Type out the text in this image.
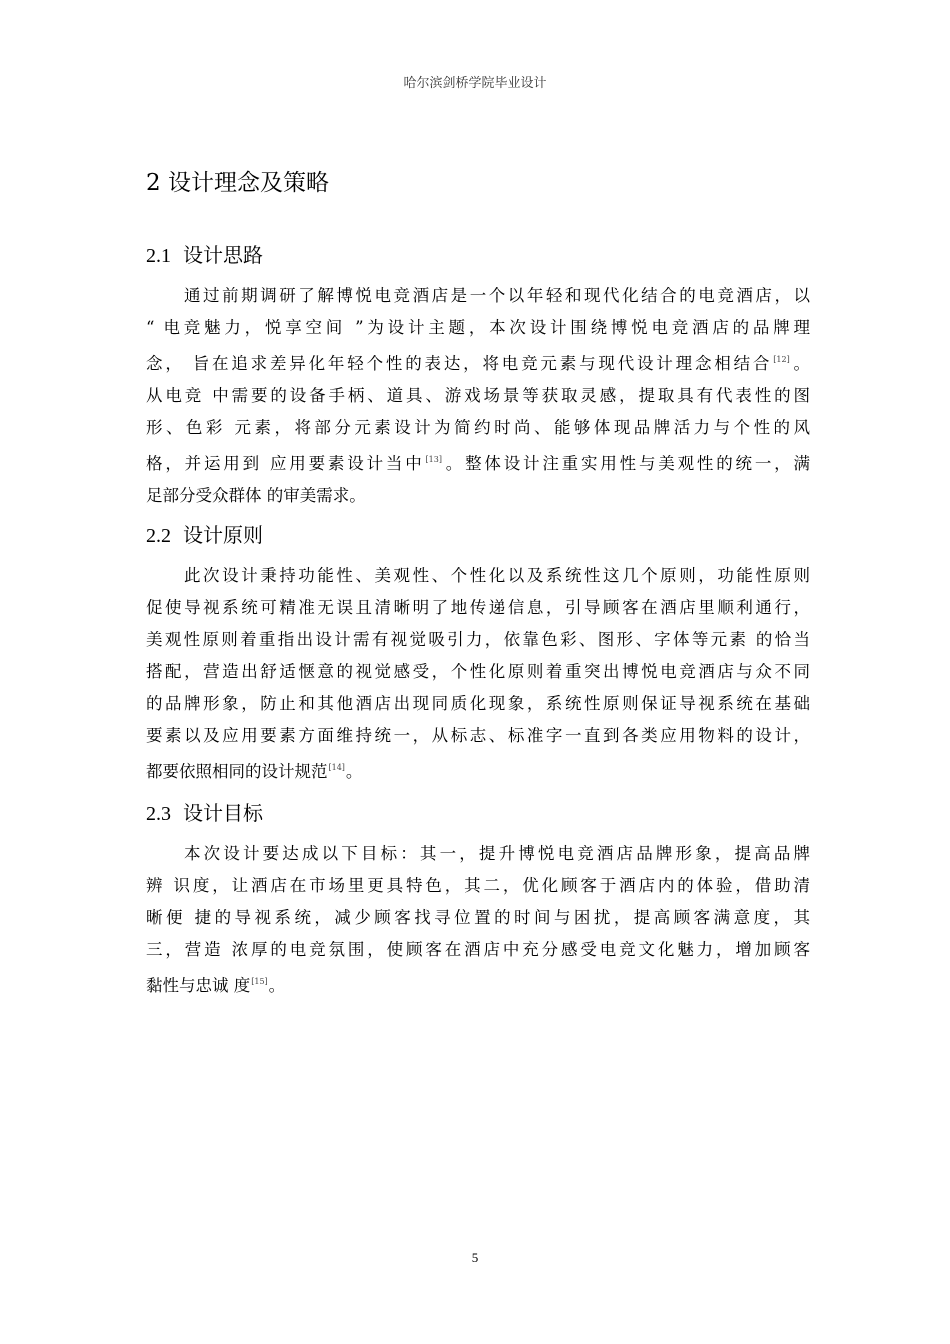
哈尔滨剑桥学院毕业设计
2 设计理念及策略
2.1 设计思路
通过前期调研了解博悦电竞酒店是一个以年轻和现代化结合的电竞酒店，以
“ 电竞魅力，悦享空间 ”为设计主题，本次设计围绕博悦电竞酒店的品牌理
念， 旨在追求差异化年轻个性的表达，将电竞元素与现代设计理念相结合[12]。
从电竞 中需要的设备手柄、道具、游戏场景等获取灵感，提取具有代表性的图
形、色彩 元素，将部分元素设计为简约时尚、能够体现品牌活力与个性的风
格，并运用到 应用要素设计当中[13]。整体设计注重实用性与美观性的统一，满
足部分受众群体 的审美需求。
2.2 设计原则
此次设计秉持功能性、美观性、个性化以及系统性这几个原则，功能性原则
促使导视系统可精准无误且清晰明了地传递信息，引导顾客在酒店里顺利通行，
美观性原则着重指出设计需有视觉吸引力，依靠色彩、图形、字体等元素 的恰当
搭配，营造出舒适惬意的视觉感受，个性化原则着重突出博悦电竞酒店与众不同
的品牌形象，防止和其他酒店出现同质化现象，系统性原则保证导视系统在基础
要素以及应用要素方面维持统一，从标志、标准字一直到各类应用物料的设计，
都要依照相同的设计规范[14]。
2.3 设计目标
本次设计要达成以下目标：其一，提升博悦电竞酒店品牌形象，提高品牌
辨 识度，让酒店在市场里更具特色，其二，优化顾客于酒店内的体验，借助清
晰便 捷的导视系统，减少顾客找寻位置的时间与困扰，提高顾客满意度，其
三，营造 浓厚的电竞氛围，使顾客在酒店中充分感受电竞文化魅力，增加顾客
黏性与忠诚 度[15]。
5
